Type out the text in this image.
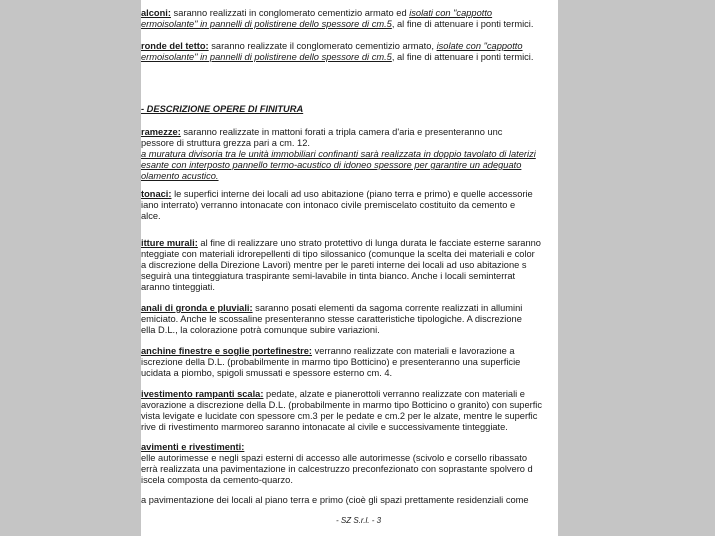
alconi: saranno realizzati in conglomerato cementizio armato ed isolati con "cappotto
ermoisolante" in pannelli di polistirene dello spessore di cm.5, al fine di attenuare i ponti termici.
ronde del tetto: saranno realizzate il conglomerato cementizio armato, isolate con "cappotto
ermoisolante" in pannelli di polistirene dello spessore di cm.5, al fine di attenuare i ponti termici.
- DESCRIZIONE OPERE DI FINITURA
ramezze: saranno realizzate in mattoni forati a tripla camera d'aria e presenteranno unc
pessore di struttura grezza pari a cm. 12.
a muratura divisoria tra le unità immobiliari confinanti sarà realizzata in doppio tavolato di laterizi
esante con interposto pannello termo-acustico di idoneo spessore per garantire un adeguato
olamento acustico.
tonaci: le superfici interne dei locali ad uso abitazione (piano terra e primo) e quelle accessorie
iano interrato) verranno intonacate con intonaco civile premiscelato costituito da cemento e
alce.
itture murali: al fine di realizzare uno strato protettivo di lunga durata le facciate esterne saranno
nteggiate con materiali idrorepellenti di tipo silossanico (comunque la scelta dei materiali e color
a discrezione della Direzione Lavori) mentre per le pareti interne dei locali ad uso abitazione s
seguirà una tinteggiatura traspirante semi-lavabile in tinta bianco. Anche i locali seminterrat
aranno tinteggiati.
anali di gronda e pluviali: saranno posati elementi da sagoma corrente realizzati in allumini
emiciato. Anche le scossaline presenteranno stesse caratteristiche tipologiche. A discrezione
ella D.L., la colorazione potrà comunque subire variazioni.
anchine finestre e soglie portefinestre: verranno realizzate con materiali e lavorazione a
iscrezione della D.L. (probabilmente in marmo tipo Botticino) e presenteranno una superficie
ucidata a piombo, spigoli smussati e spessore esterno cm. 4.
ivestimento rampanti scala: pedate, alzate e pianerottoli verranno realizzate con materiali e
avorazione a discrezione della D.L. (probabilmente in marmo tipo Botticino o granito) con superfic
vista levigate e lucidate con spessore cm.3 per le pedate e cm.2 per le alzate, mentre le superfic
rive di rivestimento marmoreo saranno intonacate al civile e successivamente tinteggiate.
avimenti e rivestimenti:
elle autorimesse e negli spazi esterni di accesso alle autorimesse (scivolo e corsello ribassato
errà realizzata una pavimentazione in calcestruzzo preconfezionato con soprastante spolvero d
iscela composta da cemento-quarzo.
a pavimentazione dei locali al piano terra e primo (cioè gli spazi prettamente residenziali come
- SZ S.r.l. - 3
